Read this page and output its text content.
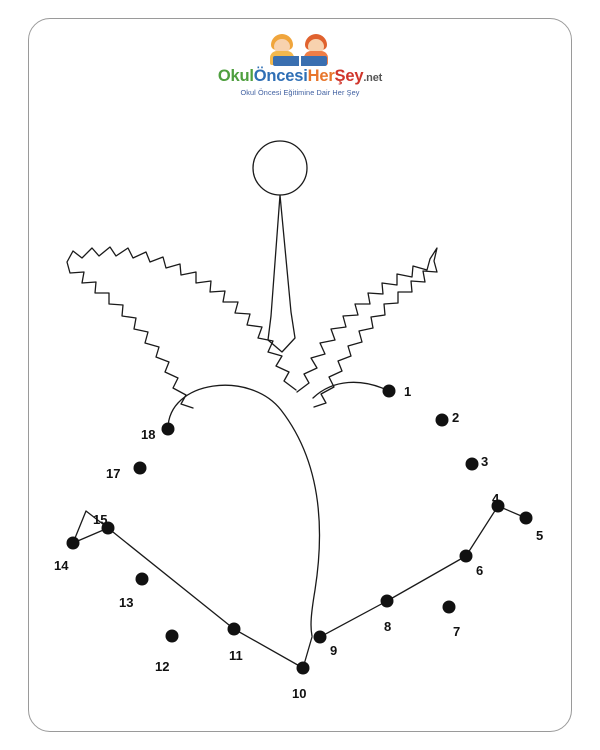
OkulÖncesiHerŞey.net
Okul Öncesi Eğitimine Dair Her Şey
1
2
3
4
5
6
7
8
9
10
11
12
13
14
15
17
18
